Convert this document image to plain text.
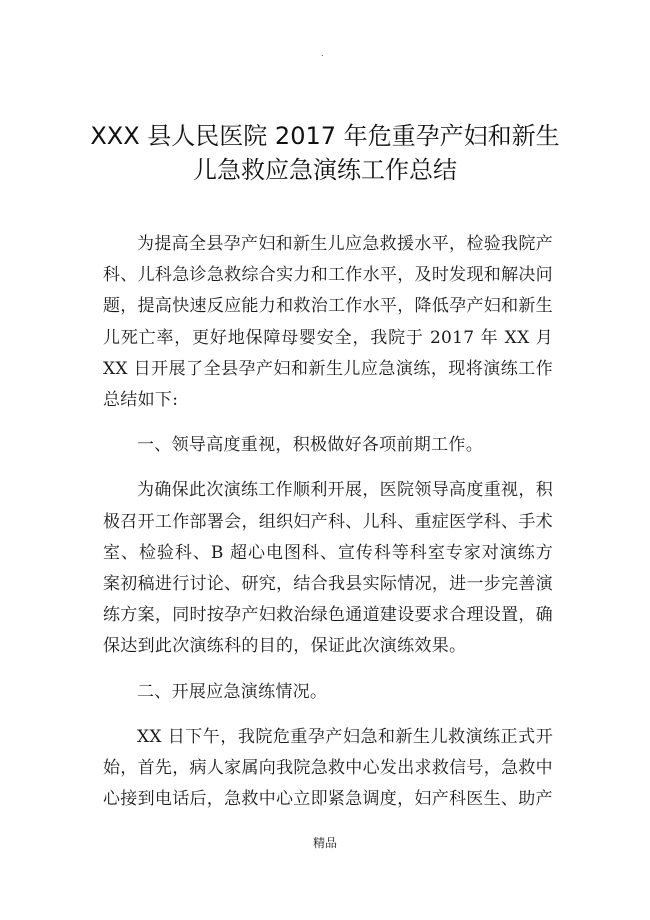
.
XXX 县人民医院 2017 年危重孕产妇和新生
儿急救应急演练工作总结

为提高全县孕产妇和新生儿应急救援水平，检验我院产科、儿科急诊急救综合实力和工作水平，及时发现和解决问题，提高快速反应能力和救治工作水平，降低孕产妇和新生儿死亡率，更好地保障母婴安全，我院于 2017 年 XX 月 XX 日开展了全县孕产妇和新生儿应急演练，现将演练工作总结如下:

一、领导高度重视，积极做好各项前期工作。

为确保此次演练工作顺利开展，医院领导高度重视，积极召开工作部署会，组织妇产科、儿科、重症医学科、手术室、检验科、B 超心电图科、宣传科等科室专家对演练方案初稿进行讨论、研究，结合我县实际情况，进一步完善演练方案，同时按孕产妇救治绿色通道建设要求合理设置，确保达到此次演练科的目的，保证此次演练效果。

二、开展应急演练情况。

XX 日下午，我院危重孕产妇急和新生儿救演练正式开始，首先，病人家属向我院急救中心发出求救信号，急救中心接到电话后，急救中心立即紧急调度，妇产科医生、助产

精品
